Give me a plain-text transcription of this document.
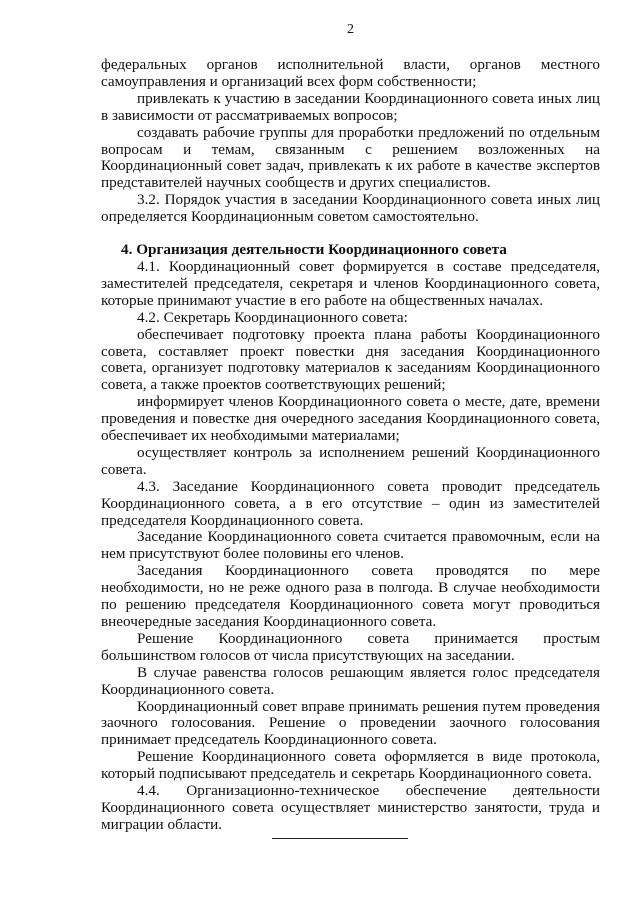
2

федеральных органов исполнительной власти, органов местного самоуправления и организаций всех форм собственности;

привлекать к участию в заседании Координационного совета иных лиц в зависимости от рассматриваемых вопросов;

создавать рабочие группы для проработки предложений по отдельным вопросам и темам, связанным с решением возложенных на Координационный совет задач, привлекать к их работе в качестве экспертов представителей научных сообществ и других специалистов.

3.2. Порядок участия в заседании Координационного совета иных лиц определяется Координационным советом самостоятельно.

4. Организация деятельности Координационного совета

4.1. Координационный совет формируется в составе председателя, заместителей председателя, секретаря и членов Координационного совета, которые принимают участие в его работе на общественных началах.

4.2. Секретарь Координационного совета:

обеспечивает подготовку проекта плана работы Координационного совета, составляет проект повестки дня заседания Координационного совета, организует подготовку материалов к заседаниям Координационного совета, а также проектов соответствующих решений;

информирует членов Координационного совета о месте, дате, времени проведения и повестке дня очередного заседания Координационного совета, обеспечивает их необходимыми материалами;

осуществляет контроль за исполнением решений Координационного совета.

4.3. Заседание Координационного совета проводит председатель Координационного совета, а в его отсутствие – один из заместителей председателя Координационного совета.

Заседание Координационного совета считается правомочным, если на нем присутствуют более половины его членов.

Заседания Координационного совета проводятся по мере необходимости, но не реже одного раза в полгода. В случае необходимости по решению председателя Координационного совета могут проводиться внеочередные заседания Координационного совета.

Решение Координационного совета принимается простым большинством голосов от числа присутствующих на заседании.

В случае равенства голосов решающим является голос председателя Координационного совета.

Координационный совет вправе принимать решения путем проведения заочного голосования. Решение о проведении заочного голосования принимает председатель Координационного совета.

Решение Координационного совета оформляется в виде протокола, который подписывают председатель и секретарь Координационного совета.

4.4. Организационно-техническое обеспечение деятельности Координационного совета осуществляет министерство занятости, труда и миграции области.
